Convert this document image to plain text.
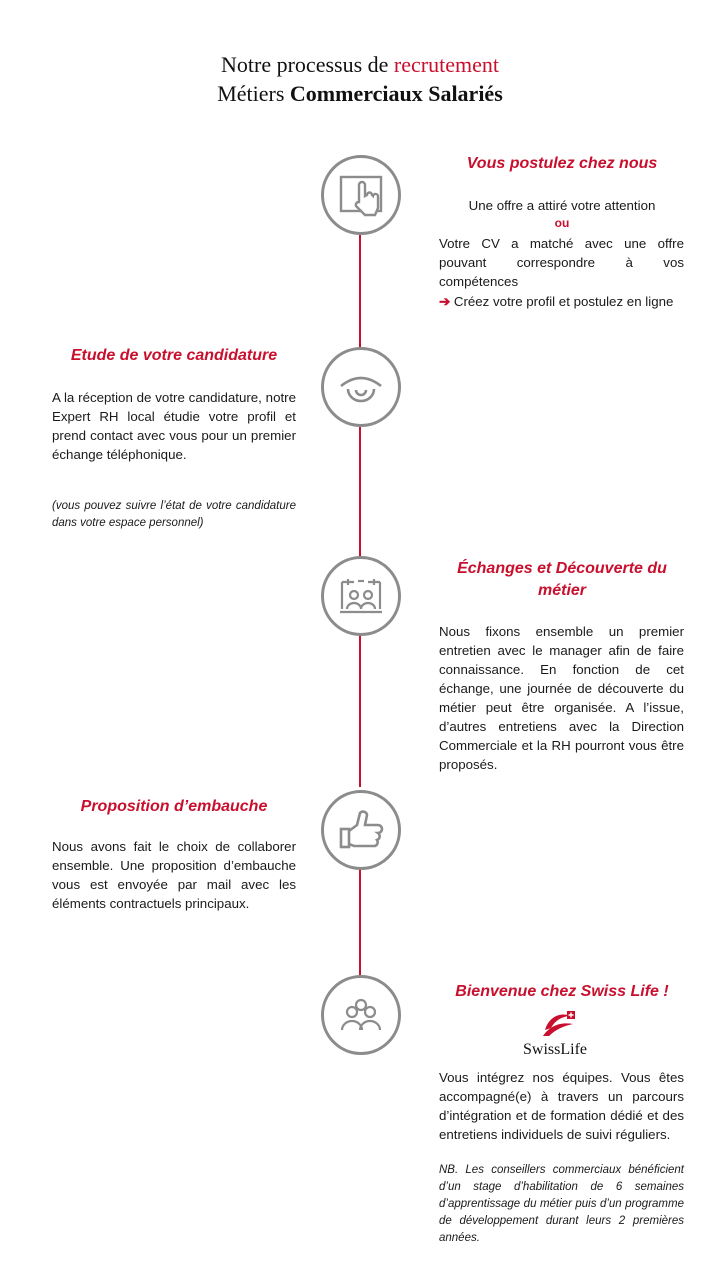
Notre processus de recrutement
Métiers Commerciaux Salariés
Vous postulez chez nous
Une offre a attiré votre attention
ou
Votre CV a matché avec une offre pouvant correspondre à vos compétences
➔ Créez votre profil et postulez en ligne
Etude de votre candidature
A la réception de votre candidature, notre Expert RH local étudie votre profil et prend contact avec vous pour un premier échange téléphonique.
(vous pouvez suivre l’état de votre candidature dans votre espace personnel)
Échanges et Découverte du métier
Nous fixons ensemble un premier entretien avec le manager afin de faire connaissance. En fonction de cet échange, une journée de découverte du métier peut être organisée. A l’issue, d’autres entretiens avec la Direction Commerciale et la RH pourront vous être proposés.
Proposition d’embauche
Nous avons fait le choix de collaborer ensemble. Une proposition d’embauche vous est envoyée par mail avec les éléments contractuels principaux.
Bienvenue chez Swiss Life !
SwissLife
Vous intégrez nos équipes. Vous êtes accompagné(e) à travers un parcours d’intégration et de formation dédié et des entretiens individuels de suivi réguliers.
NB. Les conseillers commerciaux bénéficient d’un stage d’habilitation de 6 semaines d’apprentissage du métier puis d’un programme de développement durant leurs 2 premières années.
